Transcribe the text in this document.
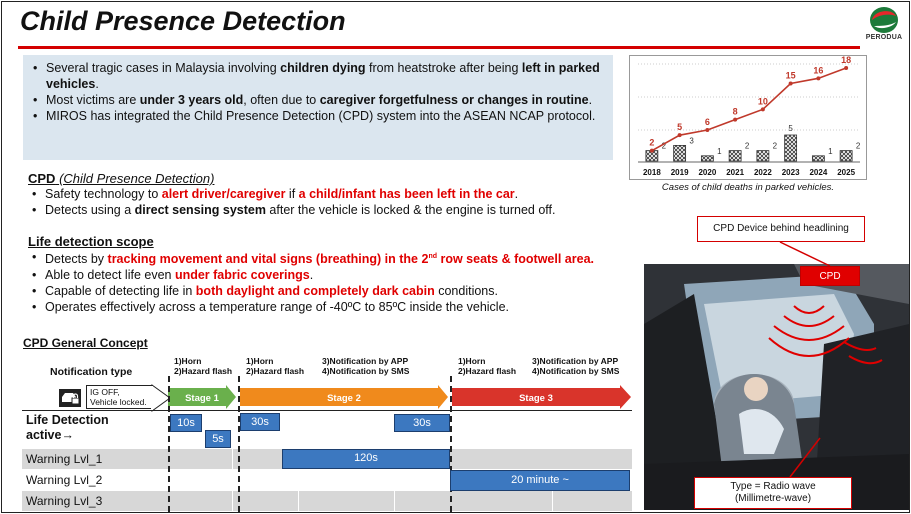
Child Presence Detection
PERODUA
• Several tragic cases in Malaysia involving children dying from heatstroke after being left in parked vehicles.
• Most victims are under 3 years old, often due to caregiver forgetfulness or changes in routine.
• MIROS has integrated the Child Presence Detection (CPD) system into the ASEAN NCAP protocol.
CPD (Child Presence Detection)
• Safety technology to alert driver/caregiver if a child/infant has been left in the car.
• Detects using a direct sensing system after the vehicle is locked & the engine is turned off.
Life detection scope
• Detects by tracking movement and vital signs (breathing) in the 2nd row seats & footwell area.
• Able to detect life even under fabric coverings.
• Capable of detecting life in both daylight and completely dark cabin conditions.
• Operates effectively across a temperature range of -40ºC to 85ºC inside the vehicle.
CPD General Concept
2
2018
3
2019
1
2020
2
2021
2
2022
5
2023
1
2024
2
2025
2
5
6
8
10
15
16
18
Cases of child deaths in parked vehicles.
CPD Device behind headlining
CPD
Type = Radio wave
(Millimetre-wave)
Notification type
1)Horn
2)Hazard flash
1)Horn
2)Hazard flash
3)Notification by APP
4)Notification by SMS
1)Horn
2)Hazard flash
3)Notification by APP
4)Notification by SMS
IG OFF,
Vehicle locked.	Stage 1	Stage 2	Stage 3
Life Detection
active→
Warning Lvl_1
Warning Lvl_2
Warning Lvl_3
10s
5s
30s	30s
120s
20 minute ~
